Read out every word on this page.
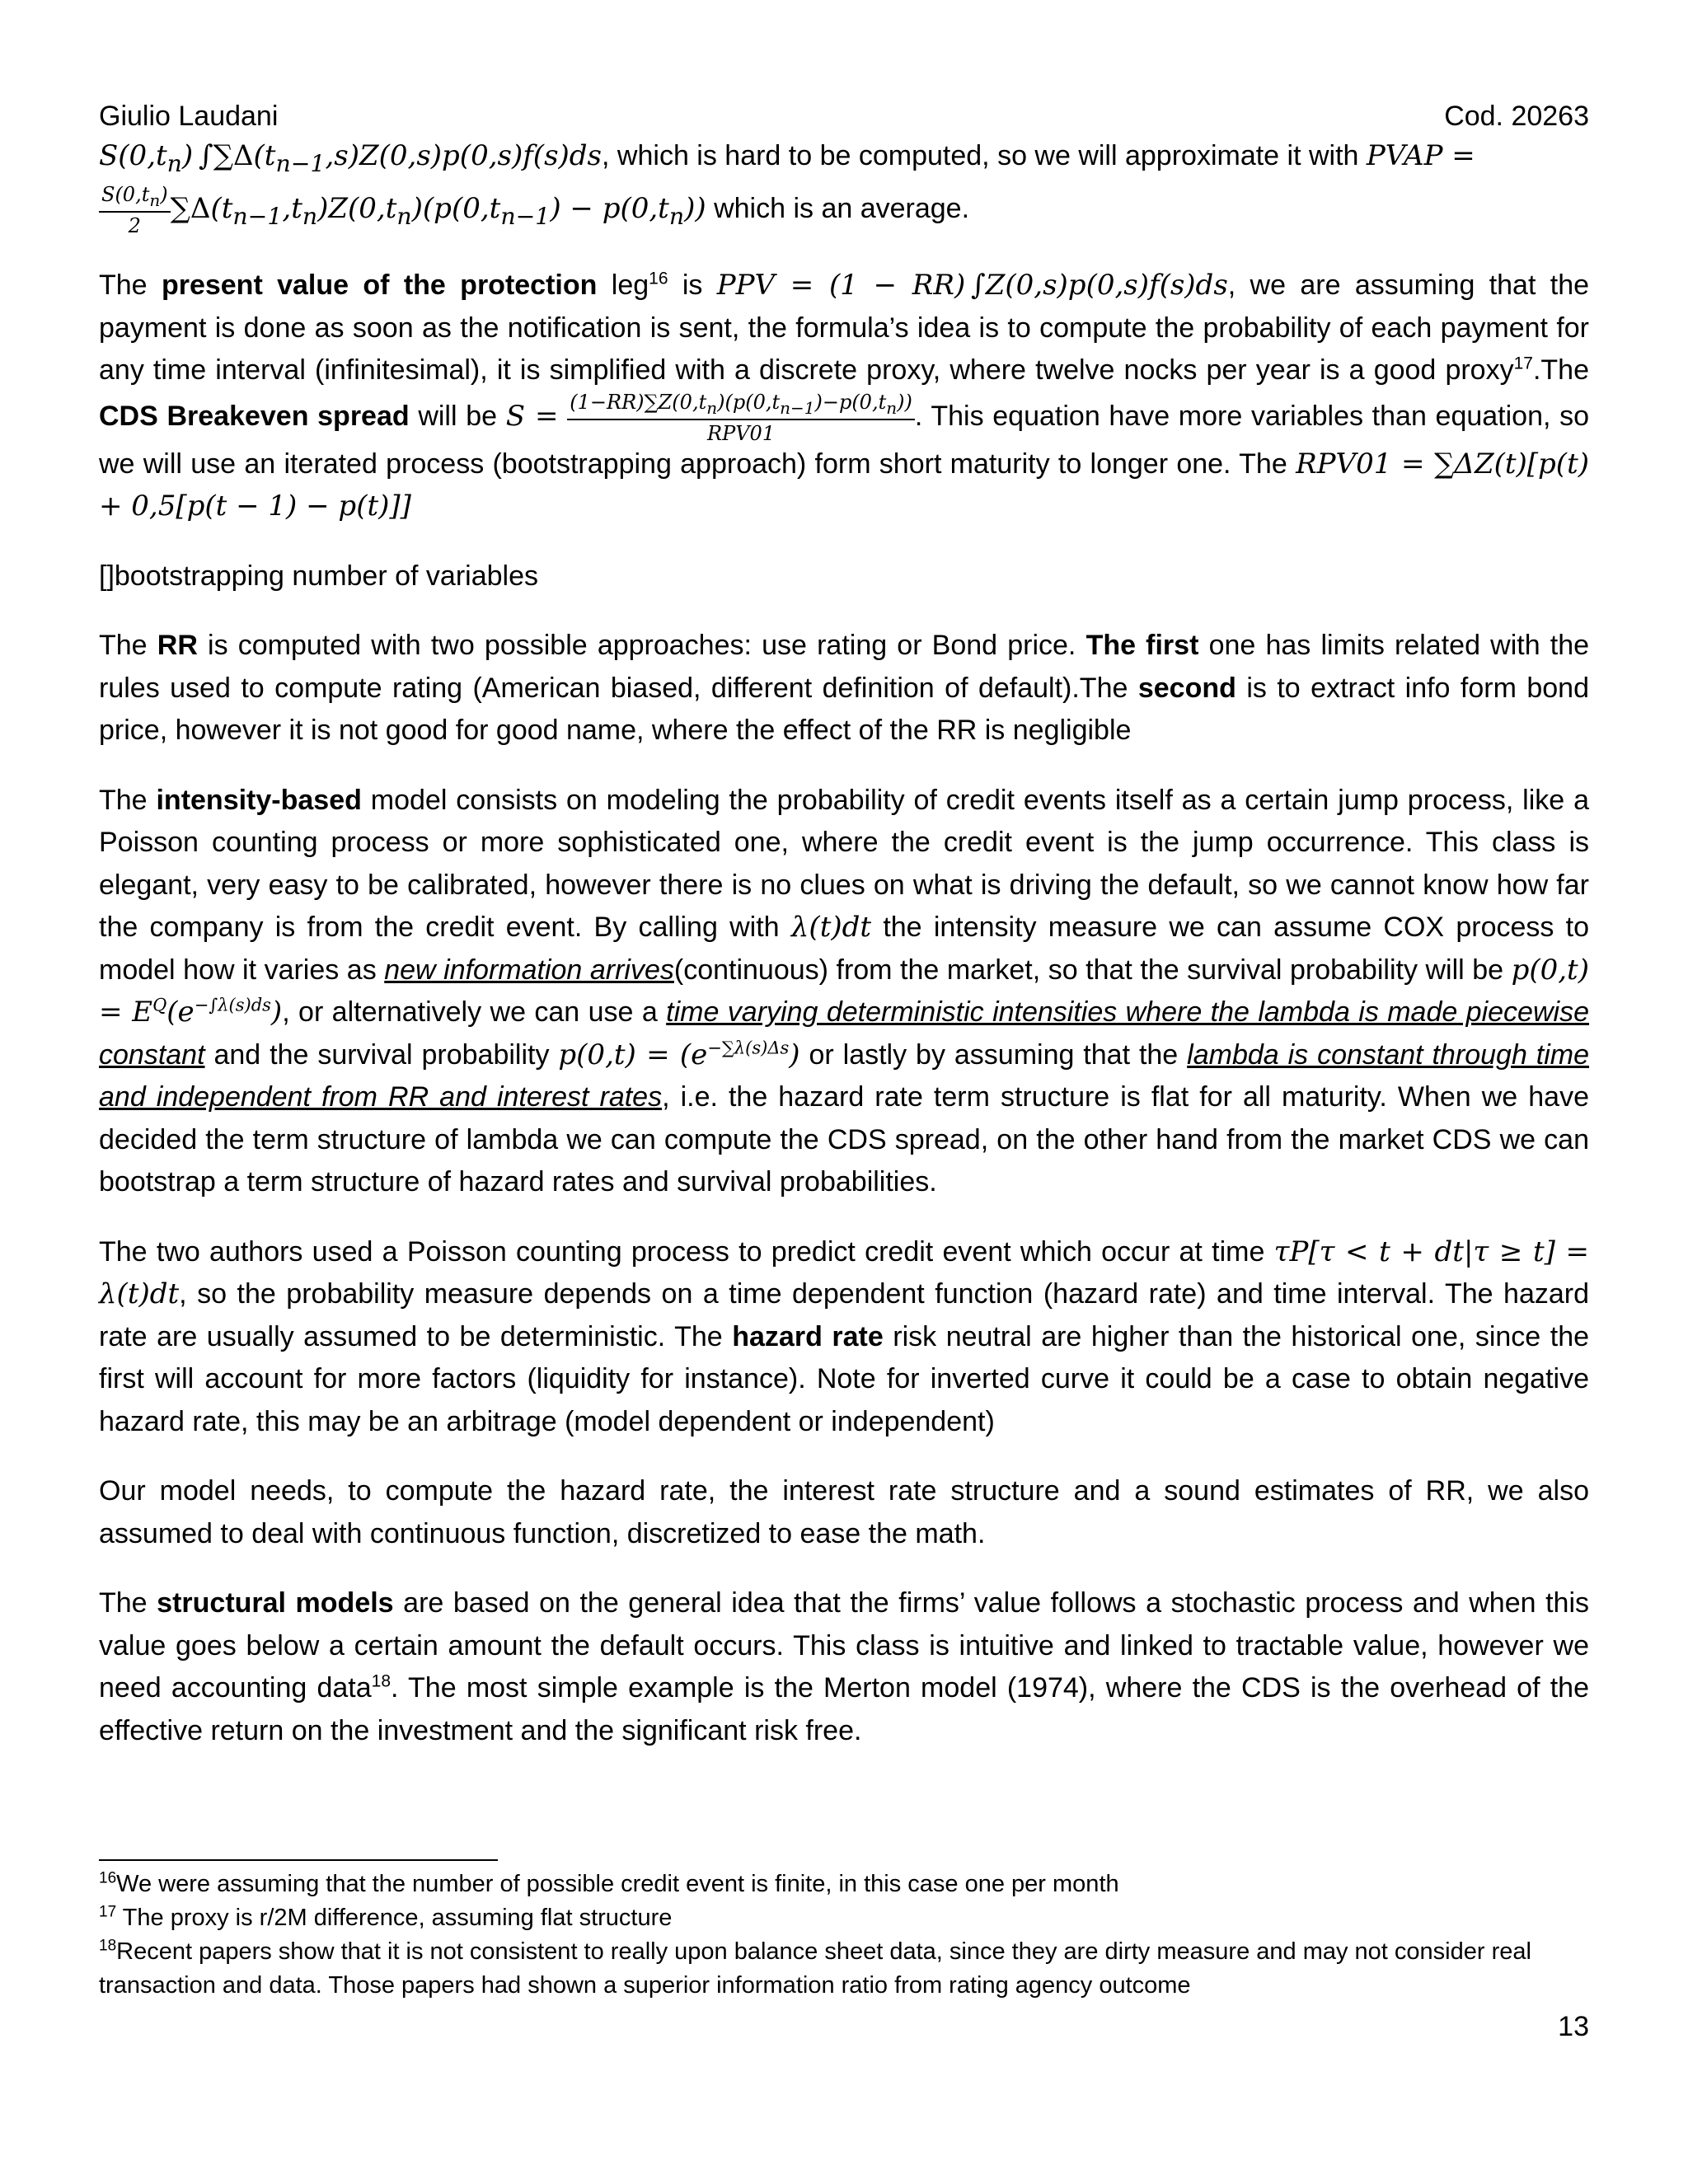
Giulio Laudani	Cod. 20263

$S(0,t_n)$ $\int\sum\Delta(t_{n-1},s)Z(0,s)p(0,s)f(s)ds$, which is hard to be computed, so we will approximate it with PVAP =

$\frac{S(0,t_n)}{2} \sum\Delta(t_{n-1},t_n)Z(0,t_n)(p(0,t_{n-1}) - p(0,t_n))$ which is an average.

The present value of the protection leg$^{16}$ is PPV = (1 − RR) ∫Z(0,s)p(0,s)f(s)ds, we are assuming that the payment is done as soon as the notification is sent, the formula’s idea is to compute the probability of each payment for any time interval (infinitesimal), it is simplified with a discrete proxy, where twelve nocks per year is a good proxy$^{17}$.The CDS Breakeven spread will be $S = \frac{(1-RR)\sum Z(0,t_n)(p(0,t_{n-1})-p(0,t_n))}{\text{RPV01}}$ . This equation have more variables than equation, so we will use an iterated process (bootstrapping approach) form short maturity to longer one. The RPV01 = ∑ΔZ(t)[p(t) + 0,5[p(t − 1) − p(t)]]

[]bootstrapping number of variables

The RR is computed with two possible approaches: use rating or Bond price. The first one has limits related with the rules used to compute rating (American biased, different definition of default).The second is to extract info form bond price, however it is not good for good name, where the effect of the RR is negligible

The intensity-based model consists on modeling the probability of credit events itself as a certain jump process, like a Poisson counting process or more sophisticated one, where the credit event is the jump occurrence. This class is elegant, very easy to be calibrated, however there is no clues on what is driving the default, so we cannot know how far the company is from the credit event. By calling with λ(t)dt the intensity measure we can assume COX process to model how it varies as new information arrives(continuous) from the market, so that the survival probability will be $p(0,t) = E^Q(e^{-\int\lambda(s)ds})$, or alternatively we can use a time varying deterministic intensities where the lambda is made piecewise constant and the survival probability $p(0,t) = (e^{-\sum\lambda(s)\Delta s})$ or lastly by assuming that the lambda is constant through time and independent from RR and interest rates, i.e. the hazard rate term structure is flat for all maturity. When we have decided the term structure of lambda we can compute the CDS spread, on the other hand from the market CDS we can bootstrap a term structure of hazard rates and survival probabilities.

The two authors used a Poisson counting process to predict credit event which occur at time τP[τ < t + dt|τ ≥ t] = λ(t)dt, so the probability measure depends on a time dependent function (hazard rate) and time interval. The hazard rate are usually assumed to be deterministic. The hazard rate risk neutral are higher than the historical one, since the first will account for more factors (liquidity for instance). Note for inverted curve it could be a case to obtain negative hazard rate, this may be an arbitrage (model dependent or independent)

Our model needs, to compute the hazard rate, the interest rate structure and a sound estimates of RR, we also assumed to deal with continuous function, discretized to ease the math.

The structural models are based on the general idea that the firms’ value follows a stochastic process and when this value goes below a certain amount the default occurs. This class is intuitive and linked to tractable value, however we need accounting data$^{18}$. The most simple example is the Merton model (1974), where the CDS is the overhead of the effective return on the investment and the significant risk free.

$^{16}$We were assuming that the number of possible credit event is finite, in this case one per month

$^{17}$ The proxy is r/2M difference, assuming flat structure

$^{18}$Recent papers show that it is not consistent to really upon balance sheet data, since they are dirty measure and may not consider real transaction and data. Those papers had shown a superior information ratio from rating agency outcome

13
